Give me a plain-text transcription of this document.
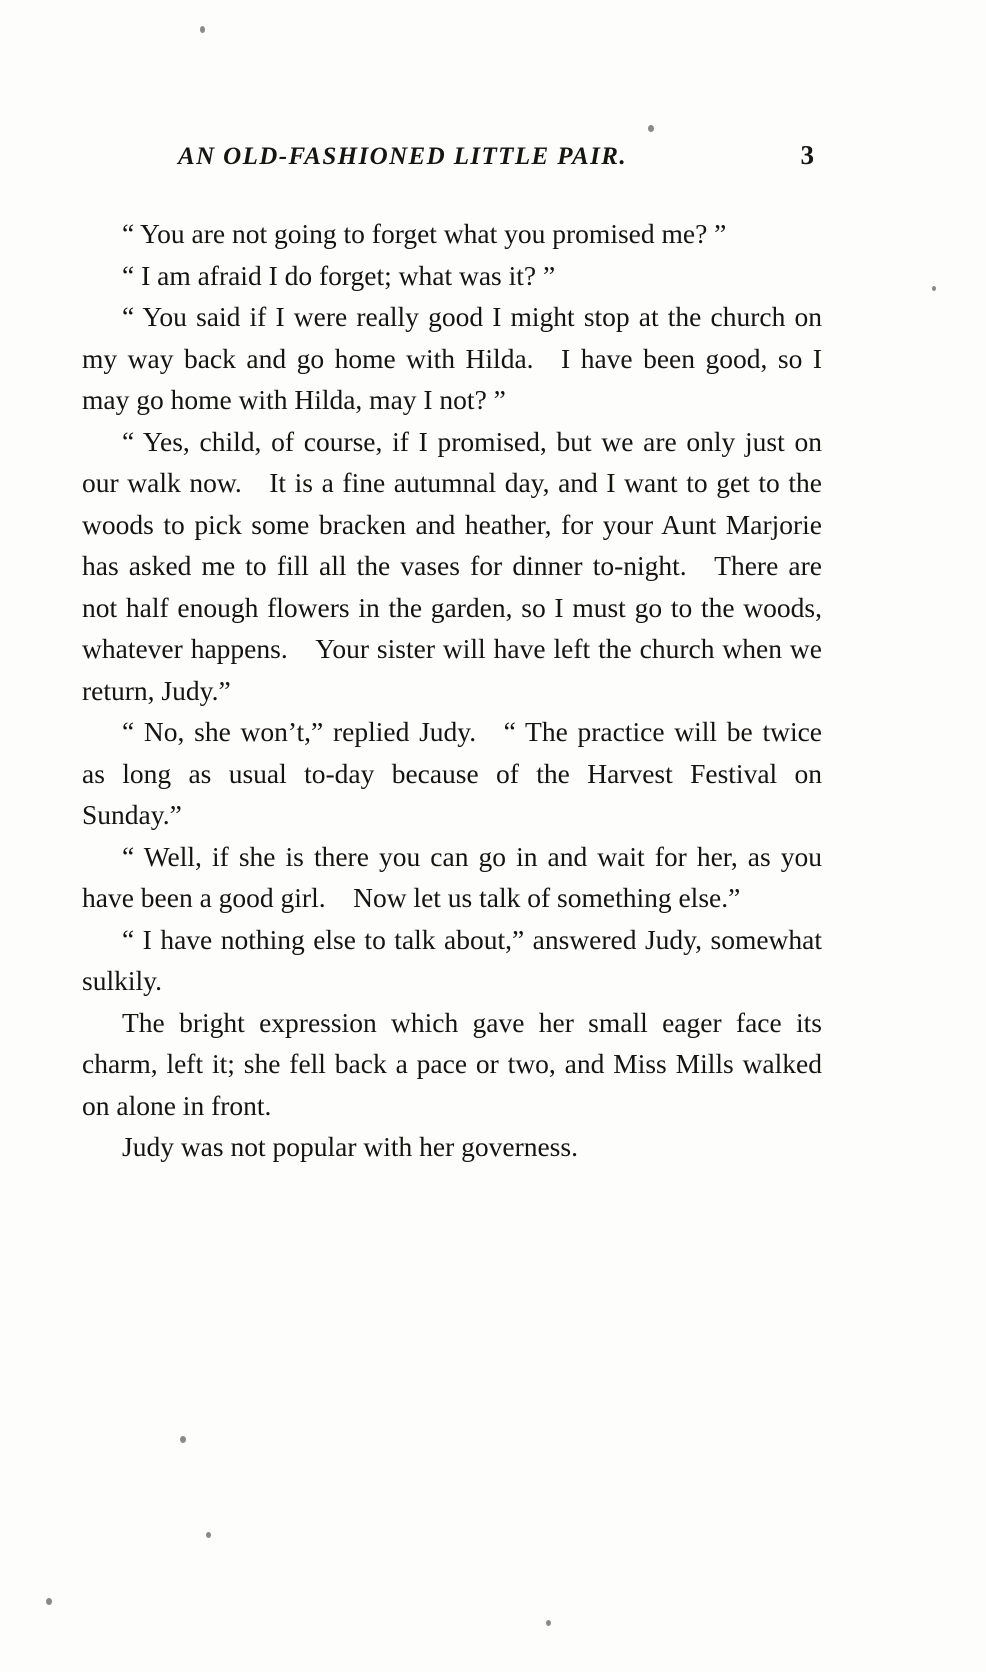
AN OLD-FASHIONED LITTLE PAIR.	3

“ You are not going to forget what you promised me? ”

“ I am afraid I do forget; what was it? ”

“ You said if I were really good I might stop at the church on my way back and go home with Hilda. I have been good, so I may go home with Hilda, may I not? ”

“ Yes, child, of course, if I promised, but we are only just on our walk now. It is a fine autumnal day, and I want to get to the woods to pick some bracken and heather, for your Aunt Marjorie has asked me to fill all the vases for dinner to-night. There are not half enough flowers in the garden, so I must go to the woods, whatever happens. Your sister will have left the church when we return, Judy.”

“ No, she won’t,” replied Judy. “ The practice will be twice as long as usual to-day because of the Harvest Festival on Sunday.”

“ Well, if she is there you can go in and wait for her, as you have been a good girl. Now let us talk of something else.”

“ I have nothing else to talk about,” answered Judy, somewhat sulkily.

The bright expression which gave her small eager face its charm, left it; she fell back a pace or two, and Miss Mills walked on alone in front.

Judy was not popular with her governess.
